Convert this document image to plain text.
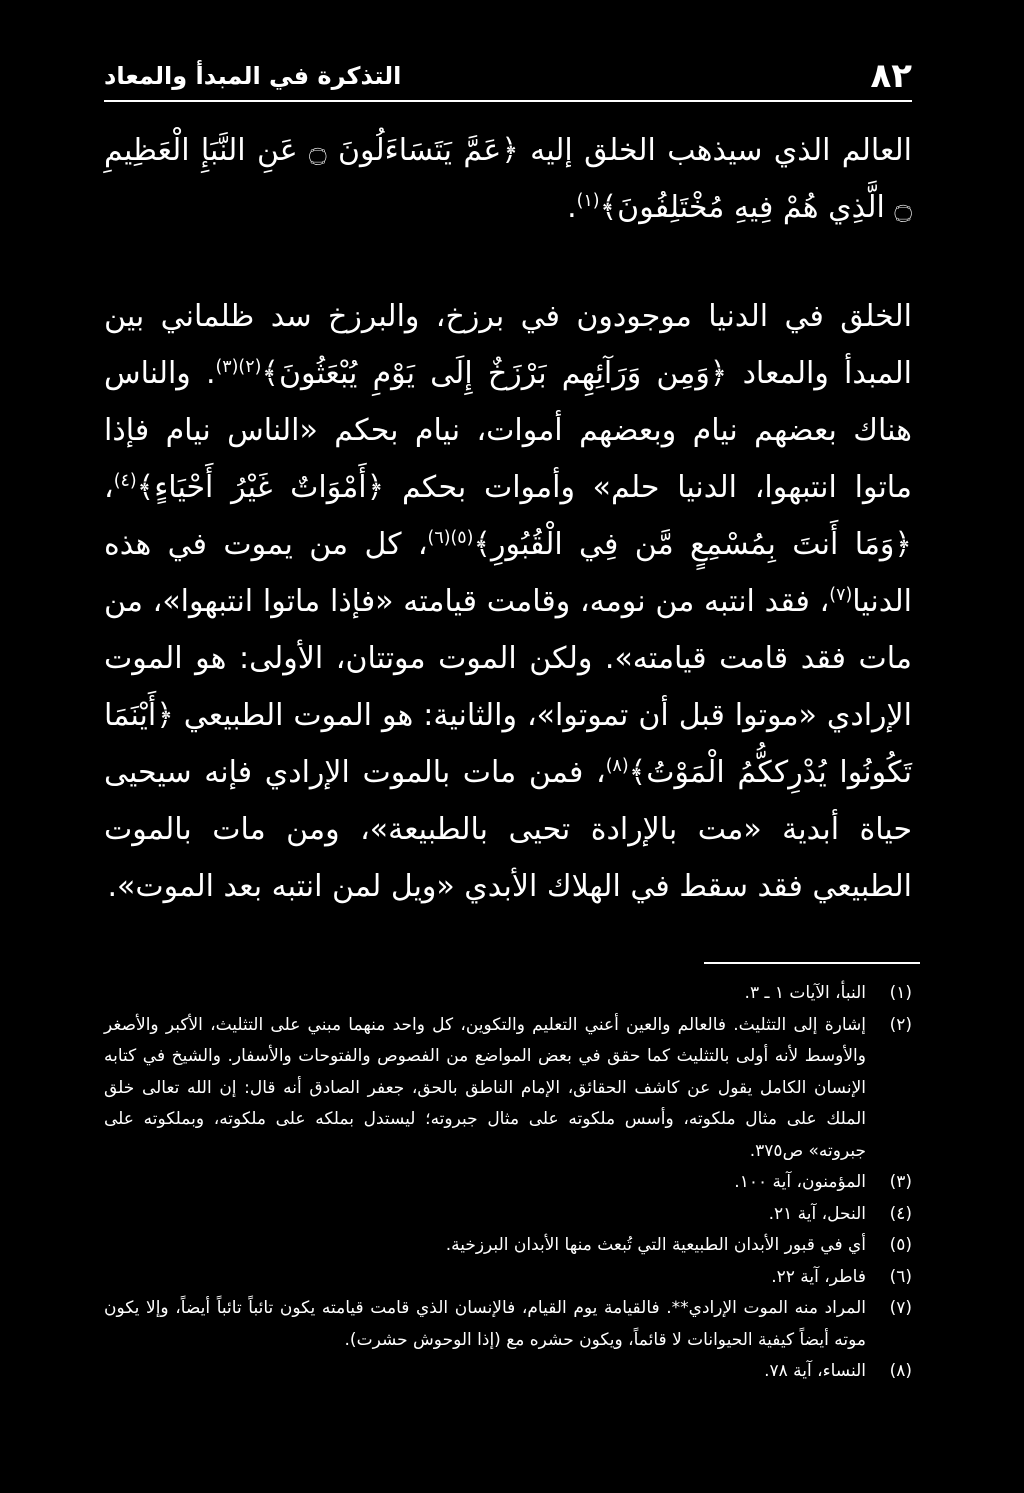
٨٢
التذكرة في المبدأ والمعاد

العالم الذي سيذهب الخلق إليه ﴿عَمَّ يَتَسَاءَلُونَ ۝ عَنِ النَّبَإِ الْعَظِيمِ ۝ الَّذِي هُمْ فِيهِ مُخْتَلِفُونَ﴾$^{(١)}$.

الخلق في الدنيا موجودون في برزخ، والبرزخ سد ظلماني بين المبدأ والمعاد ﴿وَمِن وَرَآئِهِم بَرْزَخٌ إِلَى يَوْمِ يُبْعَثُونَ﴾$^{(٢)(٣)}$. والناس هناك بعضهم نيام وبعضهم أموات، نيام بحكم «الناس نيام فإذا ماتوا انتبهوا، الدنيا حلم» وأموات بحكم ﴿أَمْوَاتٌ غَيْرُ أَحْيَاءٍ﴾$^{(٤)}$، ﴿وَمَا أَنتَ بِمُسْمِعٍ مَّن فِي الْقُبُورِ﴾$^{(٥)(٦)}$، كل من يموت في هذه الدنيا$^{(٧)}$، فقد انتبه من نومه، وقامت قيامته «فإذا ماتوا انتبهوا»، من مات فقد قامت قيامته». ولكن الموت موتتان، الأولى: هو الموت الإرادي «موتوا قبل أن تموتوا»، والثانية: هو الموت الطبيعي ﴿أَيْنَمَا تَكُونُوا يُدْرِككُّمُ الْمَوْتُ﴾$^{(٨)}$، فمن مات بالموت الإرادي فإنه سيحيى حياة أبدية «مت بالإرادة تحيى بالطبيعة»، ومن مات بالموت الطبيعي فقد سقط في الهلاك الأبدي «ويل لمن انتبه بعد الموت».

(١)
النبأ، الآيات ١ ـ ٣.
(٢)
إشارة إلى التثليث. فالعالم والعين أعني التعليم والتكوين، كل واحد منهما مبني على التثليث، الأكبر والأصغر والأوسط لأنه أولى بالتثليث كما حقق في بعض المواضع من الفصوص والفتوحات والأسفار. والشيخ في كتابه الإنسان الكامل يقول عن كاشف الحقائق، الإمام الناطق بالحق، جعفر الصادق أنه قال: إن الله تعالى خلق الملك على مثال ملكوته، وأسس ملكوته على مثال جبروته؛ ليستدل بملكه على ملكوته، وبملكوته على جبروته» ص٣٧٥.
(٣)
المؤمنون، آية ١٠٠.
(٤)
النحل، آية ٢١.
(٥)
أي في قبور الأبدان الطبيعية التي تُبعث منها الأبدان البرزخية.
(٦)
فاطر، آية ٢٢.
(٧)
المراد منه الموت الإرادي**. فالقيامة يوم القيام، فالإنسان الذي قامت قيامته يكون تائباً تائباً أيضاً، وإلا يكون موته أيضاً كيفية الحيوانات لا قائماً، ويكون حشره مع (إذا الوحوش حشرت).
(٨)
النساء، آية ٧٨.
